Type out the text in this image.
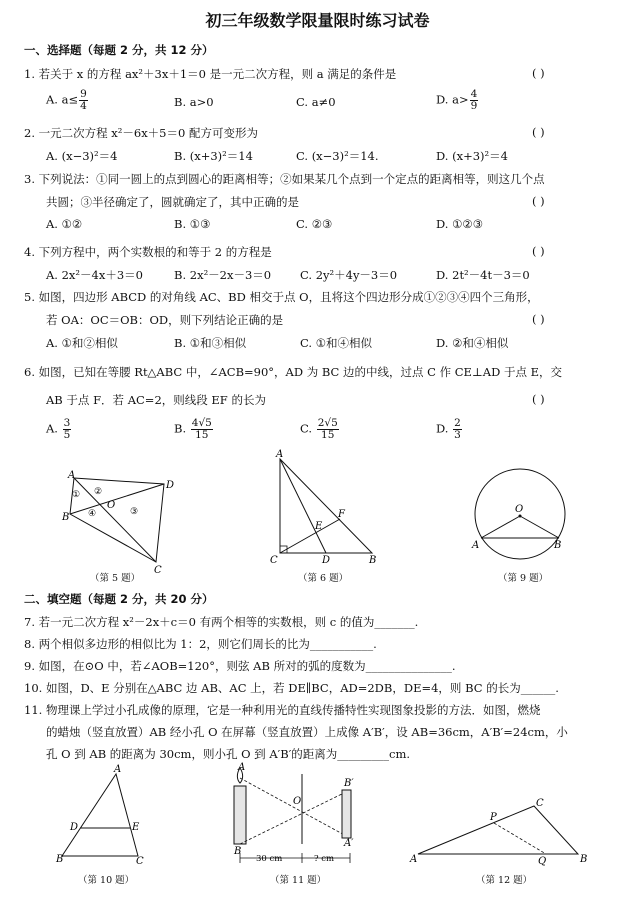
初三年级数学限量限时练习试卷
一、选择题（每题 2 分，共 12 分）
1. 若关于 x 的方程 ax²＋3x＋1＝0 是一元二次方程，则 a 满足的条件是	( )
A. $a\le \frac{9}{4}$	B. a>0	C. a≠0	D. $a> \frac{4}{9}$
2. 一元二次方程 x²－6x＋5＝0 配方可变形为	( )
A. (x−3)²＝4	B. (x+3)²＝14	C. (x−3)²＝14.	D. (x+3)²＝4
3. 下列说法：①同一圆上的点到圆心的距离相等；②如果某几个点到一个定点的距离相等，则这几个点
共圆；③半径确定了，圆就确定了，其中正确的是	( )
A. ①②	B. ①③	C. ②③	D. ①②③
4. 下列方程中，两个实数根的和等于 2 的方程是	( )
A. 2x²－4x＋3＝0	B. 2x²－2x－3＝0	C. 2y²＋4y－3＝0	D. 2t²－4t－3＝0
5. 如图，四边形 ABCD 的对角线 AC、BD 相交于点 O，且将这个四边形分成①②③④四个三角形，
若 OA：OC＝OB：OD，则下列结论正确的是	( )
A. ①和②相似	B. ①和③相似	C. ①和④相似	D. ②和④相似
6. 如图，已知在等腰 Rt△ABC 中，∠ACB=90°，AD 为 BC 边的中线，过点 C 作 CE⊥AD 于点 E，交
AB 于点 F．若 AC=2，则线段 EF 的长为	( )
A. $\frac{3}{5}$	B. $\frac{4√5}{15}$	C. $\frac{2√5}{15}$	D. $\frac{2}{3}$
A
D
B
C
O
① ②
③
④
（第 5 题）
A
C	D	B
E
F
（第 6 题）
O
A	B
（第 9 题）
二、填空题（每题 2 分，共 20 分）
7. 若一元二次方程 x²－2x＋c＝0 有两个相等的实数根，则 c 的值为_______.
8. 两个相似多边形的相似比为 1：2，则它们周长的比为___________.
9. 如图，在⊙O 中，若∠AOB=120°，则弦 AB 所对的弧的度数为_______________.
10. 如图，D、E 分别在△ABC 边 AB、AC 上，若 DE∥BC，AD=2DB，DE=4，则 BC 的长为______.
11. 物理课上学过小孔成像的原理，它是一种利用光的直线传播特性实现图象投影的方法．如图，燃烧
的蜡烛（竖直放置）AB 经小孔 O 在屏幕（竖直放置）上成像 A′B′，设 AB=36cm，A′B′=24cm，小
孔 O 到 AB 的距离为 30cm，则小孔 O 到 A′B′的距离为_________cm.
A
D	E
B	C
（第 10 题）
A
B
O
B′
A′
30 cm	? cm
（第 11 题）
A
C
B
P
Q
（第 12 题）
